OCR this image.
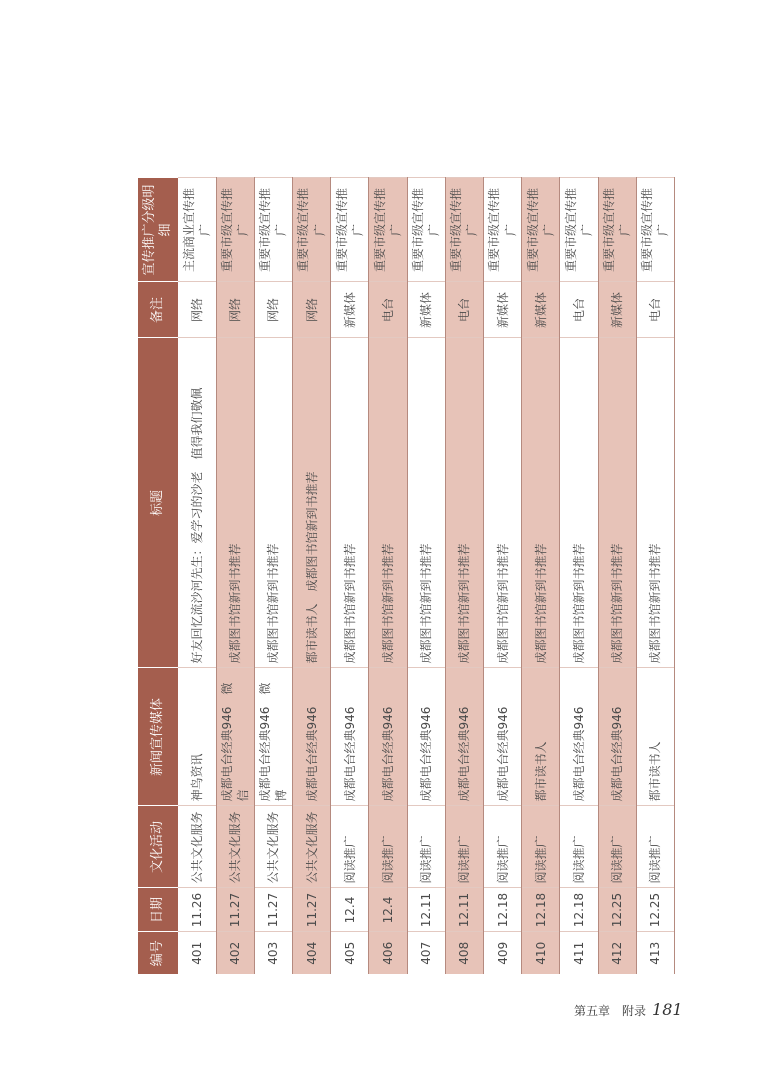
编号	日期	文化活动	新闻宣传媒体	标题	备注	宣传推广分级明细
401	11.26	公共文化服务	神鸟资讯	好友回忆流沙河先生：爱学习的沙老　值得我们敬佩	网络	主流商业宣传推广
402	11.27	公共文化服务	成都电台经典946　微信	成都图书馆新到书推荐	网络	重要市级宣传推广
403	11.27	公共文化服务	成都电台经典946　微博	成都图书馆新到书推荐	网络	重要市级宣传推广
404	11.27	公共文化服务	成都电台经典946	都市读书人　成都图书馆新到书推荐	网络	重要市级宣传推广
405	12.4	阅读推广	成都电台经典946	成都图书馆新到书推荐	新媒体	重要市级宣传推广
406	12.4	阅读推广	成都电台经典946	成都图书馆新到书推荐	电台	重要市级宣传推广
407	12.11	阅读推广	成都电台经典946	成都图书馆新到书推荐	新媒体	重要市级宣传推广
408	12.11	阅读推广	成都电台经典946	成都图书馆新到书推荐	电台	重要市级宣传推广
409	12.18	阅读推广	成都电台经典946	成都图书馆新到书推荐	新媒体	重要市级宣传推广
410	12.18	阅读推广	都市读书人	成都图书馆新到书推荐	新媒体	重要市级宣传推广
411	12.18	阅读推广	成都电台经典946	成都图书馆新到书推荐	电台	重要市级宣传推广
412	12.25	阅读推广	成都电台经典946	成都图书馆新到书推荐	新媒体	重要市级宣传推广
413	12.25	阅读推广	都市读书人	成都图书馆新到书推荐	电台	重要市级宣传推广
第五章　附录 181
